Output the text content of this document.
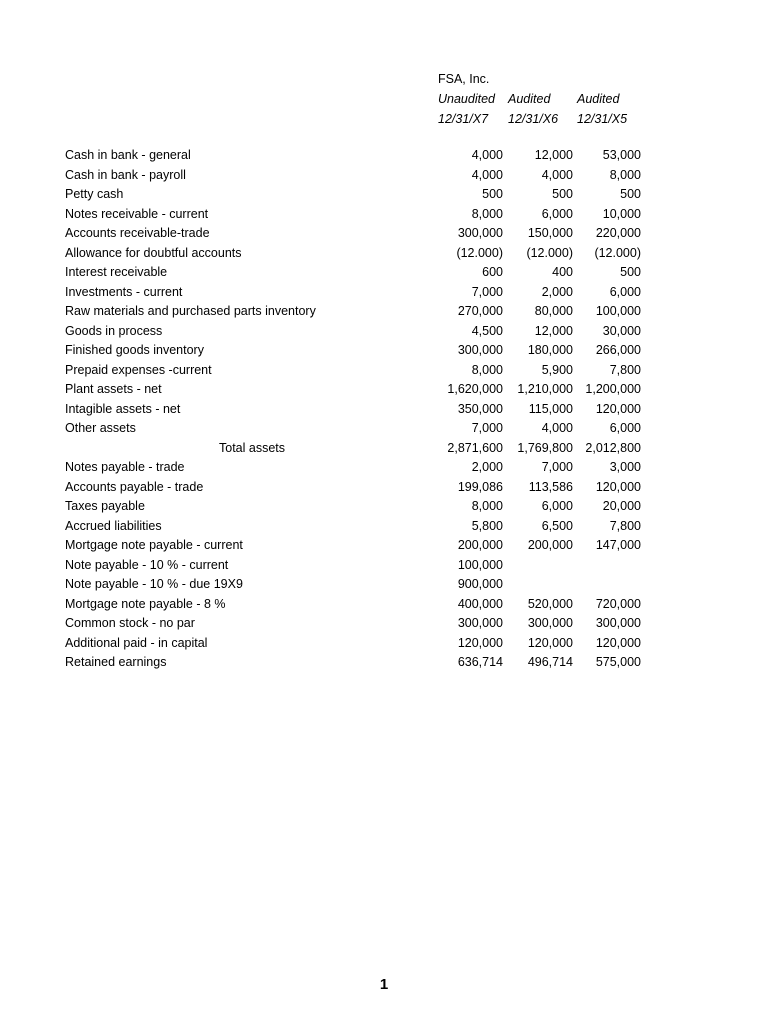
FSA, Inc.
Unaudited Audited Audited
12/31/X7 12/31/X6 12/31/X5
Cash in bank - general	4,000	12,000	53,000
Cash in bank - payroll	4,000	4,000	8,000
Petty cash	500	500	500
Notes receivable - current	8,000	6,000	10,000
Accounts receivable-trade	300,000	150,000	220,000
Allowance for doubtful accounts	(12.000)	(12.000)	(12.000)
Interest receivable	600	400	500
Investments - current	7,000	2,000	6,000
Raw materials and purchased parts inventory	270,000	80,000	100,000
Goods in process	4,500	12,000	30,000
Finished goods inventory	300,000	180,000	266,000
Prepaid expenses -current	8,000	5,900	7,800
Plant assets - net	1,620,000	1,210,000 1,200,000
Intagible assets - net	350,000	115,000	120,000
Other assets	7,000	4,000	6,000
Total assets	2,871,600	1,769,800 2,012,800
Notes payable - trade	2,000	7,000	3,000
Accounts payable - trade	199,086	113,586	120,000
Taxes payable	8,000	6,000	20,000
Accrued liabilities	5,800	6,500	7,800
Mortgage note payable - current	200,000	200,000	147,000
Note payable - 10 % - current	100,000
Note payable - 10 % - due 19X9	900,000
Mortgage note payable - 8 %	400,000	520,000	720,000
Common stock - no par	300,000	300,000	300,000
Additional paid - in capital	120,000	120,000	120,000
Retained earnings	636,714	496,714	575,000
1
